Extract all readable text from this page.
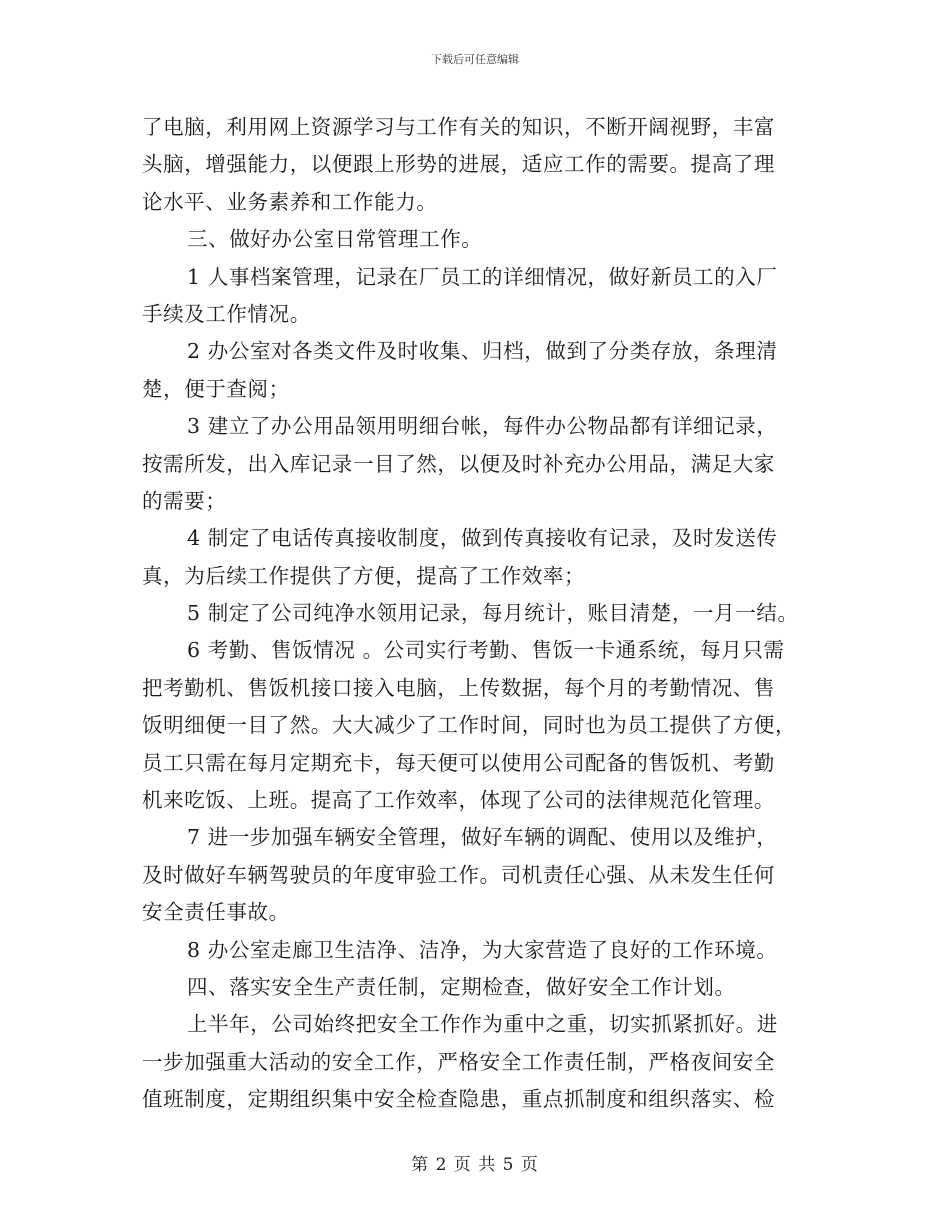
下载后可任意编辑
了电脑，利用网上资源学习与工作有关的知识，不断开阔视野，丰富
头脑，增强能力，以便跟上形势的进展，适应工作的需要。提高了理
论水平、业务素养和工作能力。
三、做好办公室日常管理工作。
1 人事档案管理，记录在厂员工的详细情况，做好新员工的入厂
手续及工作情况。
2 办公室对各类文件及时收集、归档，做到了分类存放，条理清
楚，便于查阅；
3 建立了办公用品领用明细台帐，每件办公物品都有详细记录，
按需所发，出入库记录一目了然，以便及时补充办公用品，满足大家
的需要；
4 制定了电话传真接收制度，做到传真接收有记录，及时发送传
真，为后续工作提供了方便，提高了工作效率；
5 制定了公司纯净水领用记录，每月统计，账目清楚，一月一结。
6 考勤、售饭情况 。公司实行考勤、售饭一卡通系统，每月只需
把考勤机、售饭机接口接入电脑，上传数据，每个月的考勤情况、售
饭明细便一目了然。大大减少了工作时间，同时也为员工提供了方便，
员工只需在每月定期充卡，每天便可以使用公司配备的售饭机、考勤
机来吃饭、上班。提高了工作效率，体现了公司的法律规范化管理。
7 进一步加强车辆安全管理，做好车辆的调配、使用以及维护，
及时做好车辆驾驶员的年度审验工作。司机责任心强、从未发生任何
安全责任事故。
8 办公室走廊卫生洁净、洁净，为大家营造了良好的工作环境。
四、落实安全生产责任制，定期检查，做好安全工作计划。
上半年，公司始终把安全工作作为重中之重，切实抓紧抓好。进
一步加强重大活动的安全工作，严格安全工作责任制，严格夜间安全
值班制度，定期组织集中安全检查隐患，重点抓制度和组织落实、检
第 2 页 共 5 页
